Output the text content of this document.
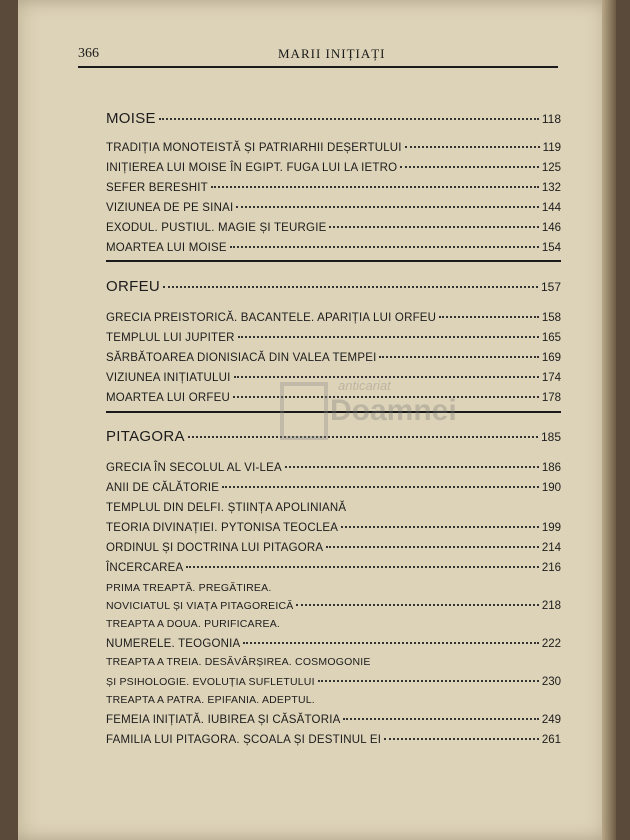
366	MARII INIȚIAȚI
MOISE	118
TRADIȚIA MONOTEISTĂ ȘI PATRIARHII DEȘERTULUI	119
INIȚIEREA LUI MOISE ÎN EGIPT. FUGA LUI LA IETRO	125
SEFER BERESHIT	132
VIZIUNEA DE PE SINAI	144
EXODUL. PUSTIUL. MAGIE ȘI TEURGIE	146
MOARTEA LUI MOISE	154
ORFEU	157
GRECIA PREISTORICĂ. BACANTELE. APARIȚIA LUI ORFEU	158
TEMPLUL LUI JUPITER	165
SĂRBĂTOAREA DIONISIACĂ DIN VALEA TEMPEI	169
VIZIUNEA INIȚIATULUI	174
MOARTEA LUI ORFEU	178
PITAGORA	185
GRECIA ÎN SECOLUL AL VI-LEA	186
ANII DE CĂLĂTORIE	190
TEMPLUL DIN DELFI. ȘTIINȚA APOLINIANĂ
TEORIA DIVINAȚIEI. PYTONISA TEOCLEA	199
ORDINUL ȘI DOCTRINA LUI PITAGORA	214
ÎNCERCAREA	216
PRIMA TREAPTĂ. PREGĂTIREA.
NOVICIATUL ȘI VIAȚA PITAGOREICĂ	218
TREAPTA A DOUA. PURIFICAREA.
NUMERELE. TEOGONIA	222
TREAPTA A TREIA. DESĂVÂRȘIREA. COSMOGONIE
ȘI PSIHOLOGIE. EVOLUȚIA SUFLETULUI	230
TREAPTA A PATRA. EPIFANIA. ADEPTUL.
FEMEIA INIȚIATĂ. IUBIREA ȘI CĂSĂTORIA	249
FAMILIA LUI PITAGORA. ȘCOALA ȘI DESTINUL EI	261
anticariat
Doamnei
